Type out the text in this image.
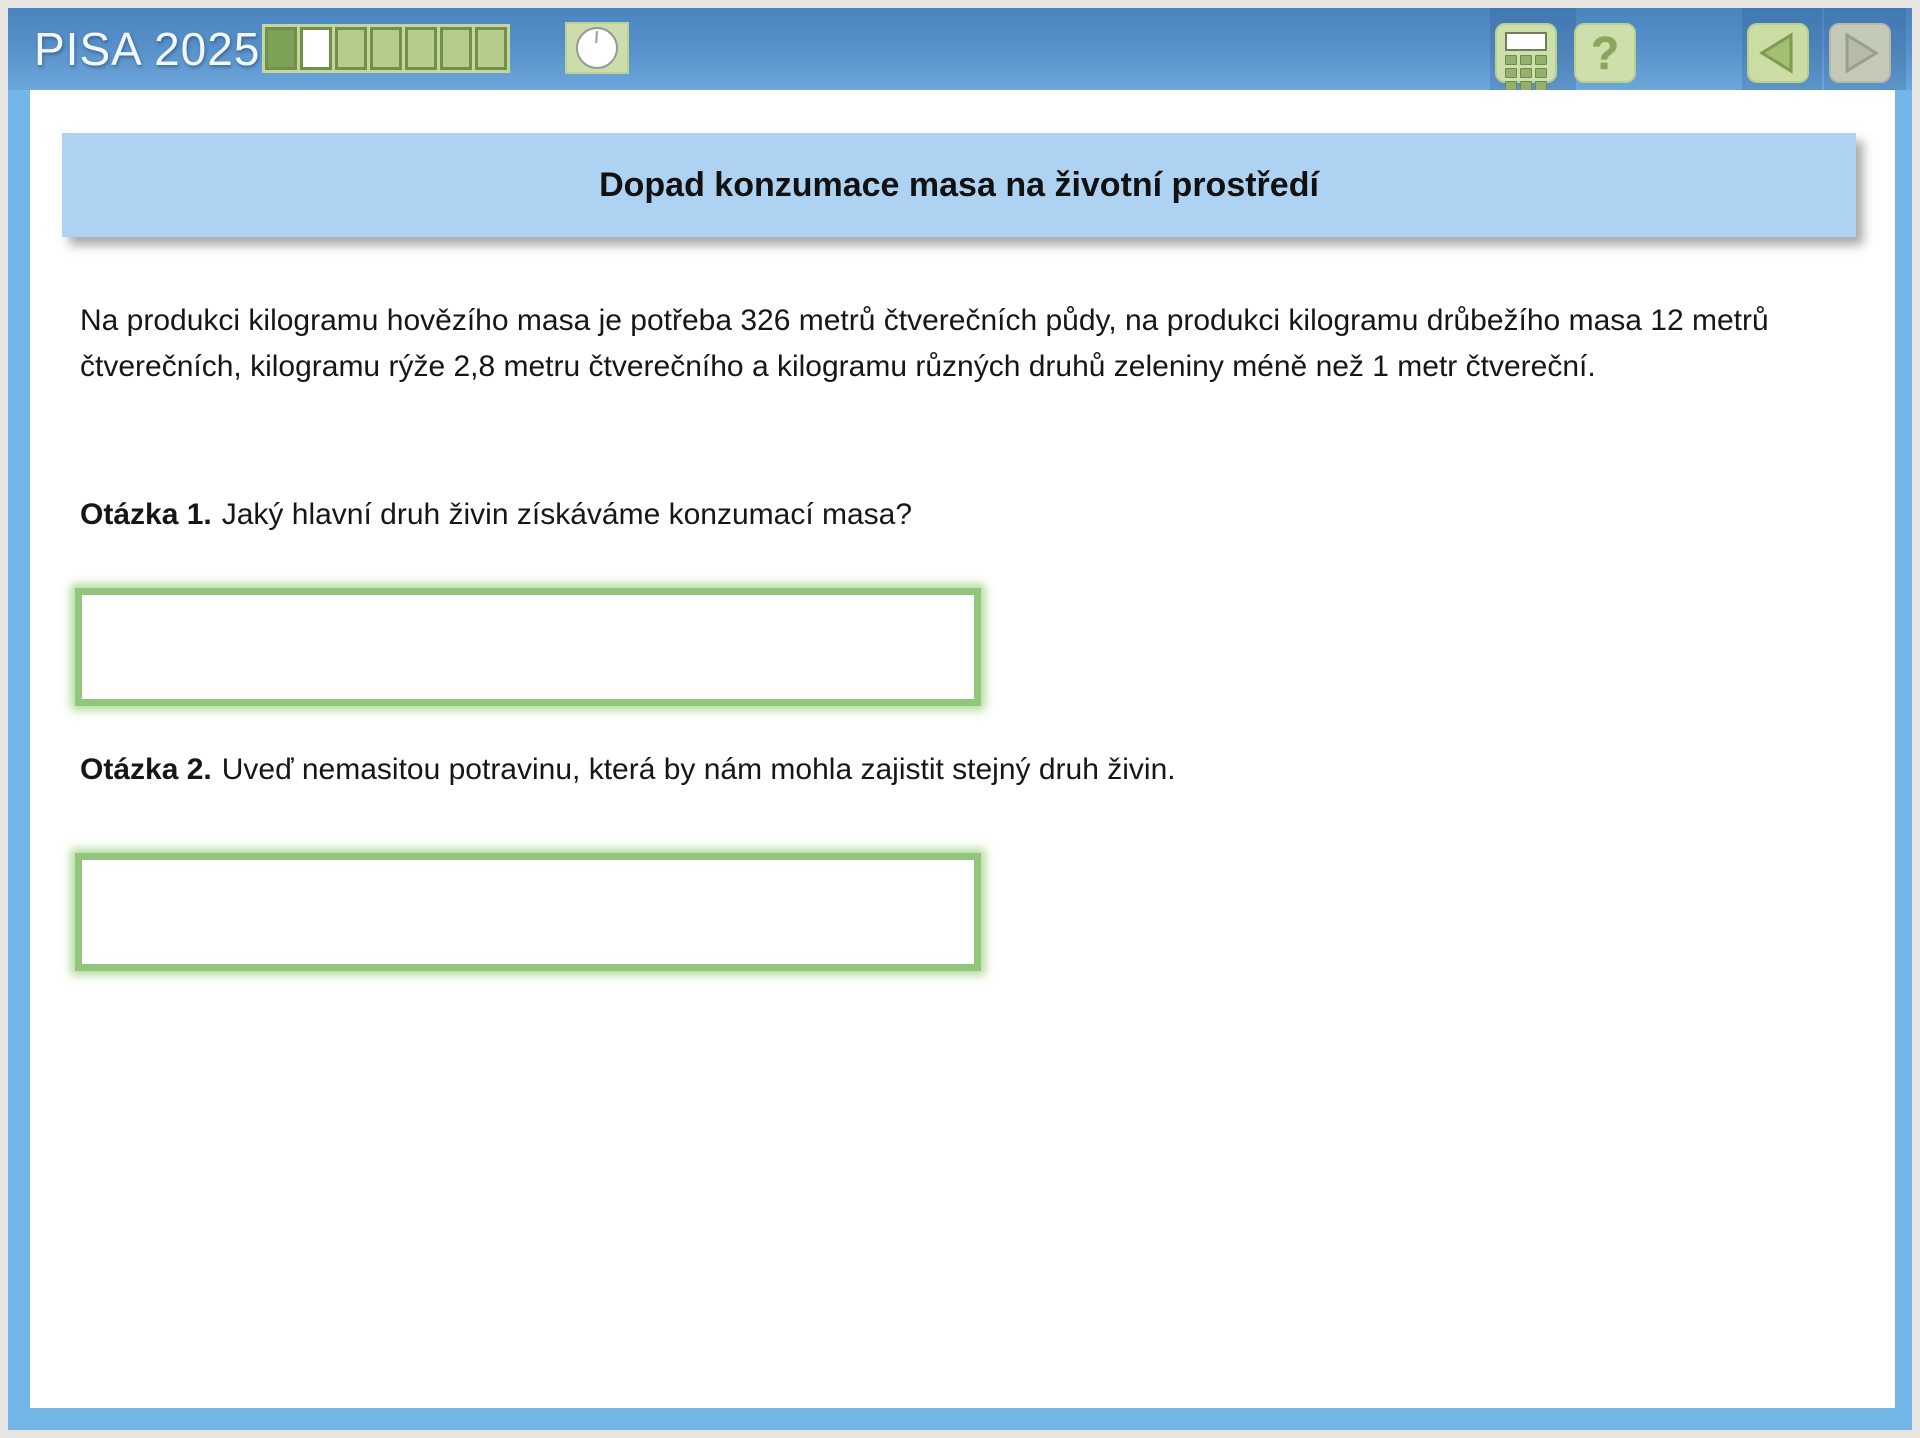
PISA 2025	?
Dopad konzumace masa na životní prostředí
Na produkci kilogramu hovězího masa je potřeba 326 metrů čtverečních půdy, na produkci kilogramu drůbežího masa 12 metrů čtverečních, kilogramu rýže 2,8 metru čtverečního a kilogramu různých druhů zeleniny méně než 1 metr čtvereční.
Otázka 1. Jaký hlavní druh živin získáváme konzumací masa?
Otázka 2. Uveď nemasitou potravinu, která by nám mohla zajistit stejný druh živin.
